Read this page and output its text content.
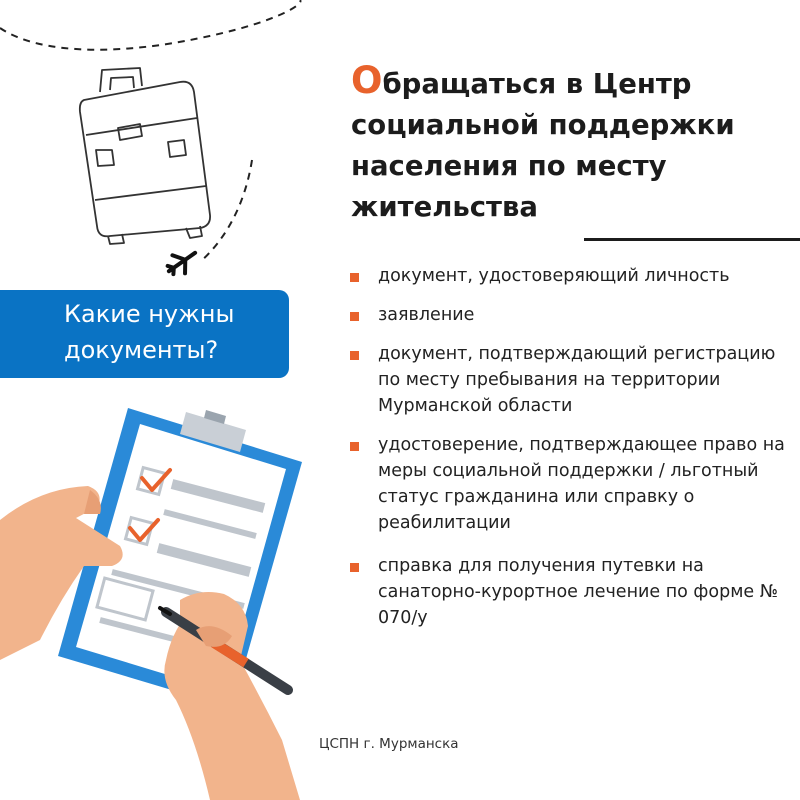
Обращаться в Центр социальной поддержки населения по месту жительства
Какие нужны документы?
документ, удостоверяющий личность
заявление
документ, подтверждающий регистрацию по месту пребывания на территории Мурманской области
удостоверение, подтверждающее право на меры социальной поддержки / льготный статус гражданина или справку о реабилитации
справка для получения путевки на санаторно-курортное лечение по форме № 070/у
ЦСПН г. Мурманска
